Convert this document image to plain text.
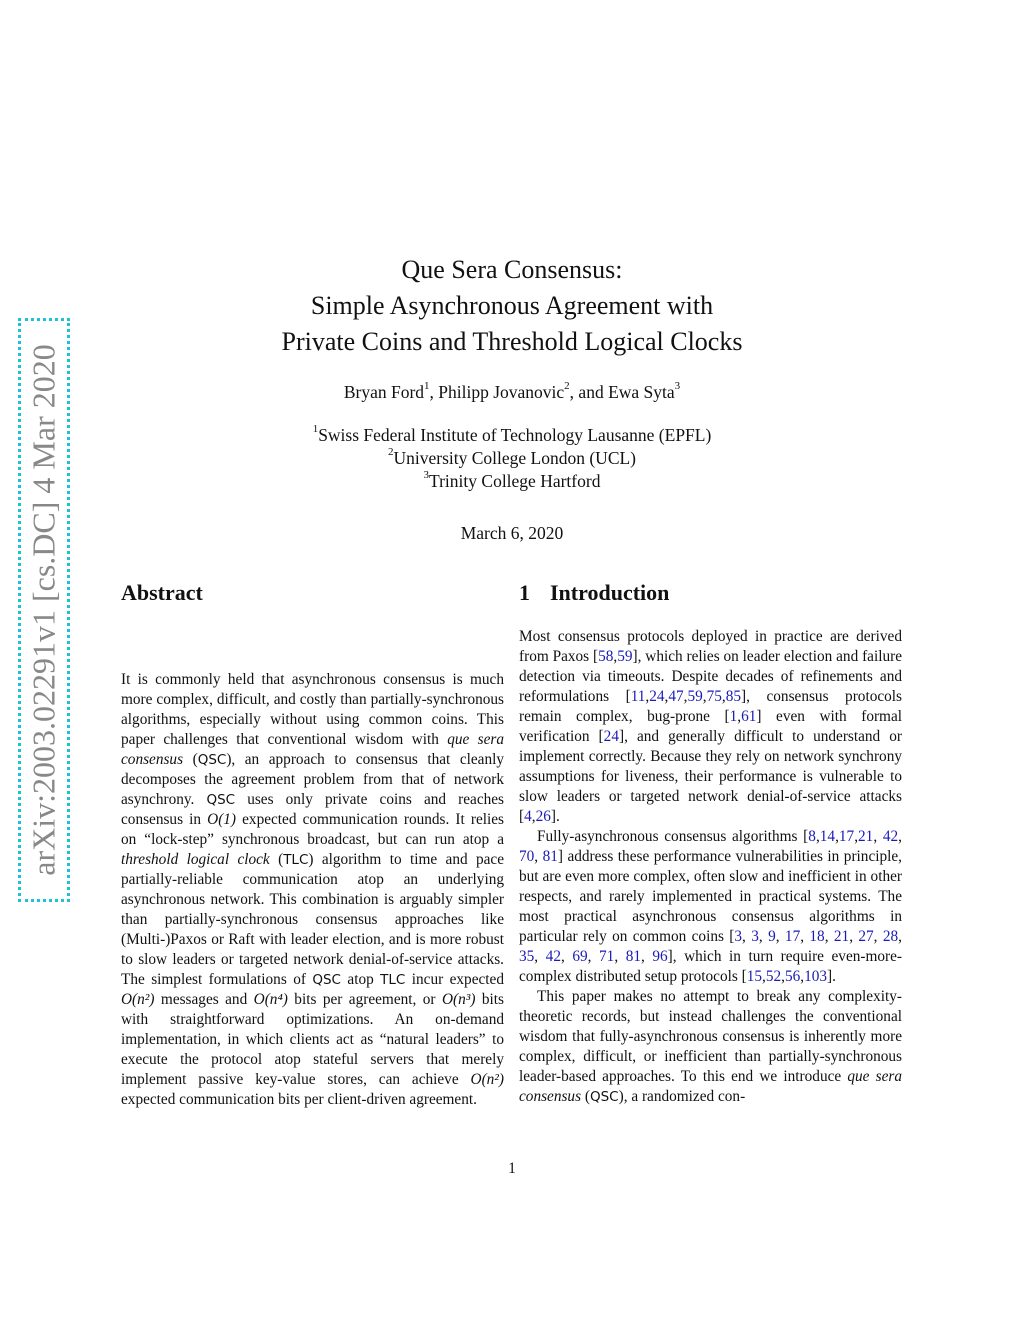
arXiv:2003.02291v1 [cs.DC] 4 Mar 2020
Que Sera Consensus:
Simple Asynchronous Agreement with
Private Coins and Threshold Logical Clocks
Bryan Ford$^1$, Philipp Jovanovic$^2$, and Ewa Syta$^3$
$^1$Swiss Federal Institute of Technology Lausanne (EPFL)
$^2$University College London (UCL)
$^3$Trinity College Hartford
March 6, 2020
Abstract

It is commonly held that asynchronous consensus is much more complex, difficult, and costly than partially-synchronous algorithms, especially without using common coins. This paper challenges that conventional wisdom with que sera consensus (QSC), an approach to consensus that cleanly decomposes the agreement problem from that of network asynchrony. QSC uses only private coins and reaches consensus in O(1) expected communication rounds. It relies on “lock-step” synchronous broadcast, but can run atop a threshold logical clock (TLC) algorithm to time and pace partially-reliable communication atop an underlying asynchronous network. This combination is arguably simpler than partially-synchronous consensus approaches like (Multi-)Paxos or Raft with leader election, and is more robust to slow leaders or targeted network denial-of-service attacks. The simplest formulations of QSC atop TLC incur expected O(n²) messages and O(n⁴) bits per agreement, or O(n³) bits with straightforward optimizations. An on-demand implementation, in which clients act as “natural leaders” to execute the protocol atop stateful servers that merely implement passive key-value stores, can achieve O(n²) expected communication bits per client-driven agreement.

1 Introduction

Most consensus protocols deployed in practice are derived from Paxos [58,59], which relies on leader election and failure detection via timeouts. Despite decades of refinements and reformulations [11,24,47,59,75,85], consensus protocols remain complex, bug-prone [1,61] even with formal verification [24], and generally difficult to understand or implement correctly. Because they rely on network synchrony assumptions for liveness, their performance is vulnerable to slow leaders or targeted network denial-of-service attacks [4,26].

Fully-asynchronous consensus algorithms [8,14,17,21, 42, 70, 81] address these performance vulnerabilities in principle, but are even more complex, often slow and inefficient in other respects, and rarely implemented in practical systems. The most practical asynchronous consensus algorithms in particular rely on common coins [3, 3, 9, 17, 18, 21, 27, 28, 35, 42, 69, 71, 81, 96], which in turn require even-more-complex distributed setup protocols [15,52,56,103].

This paper makes no attempt to break any complexity-theoretic records, but instead challenges the conventional wisdom that fully-asynchronous consensus is inherently more complex, difficult, or inefficient than partially-synchronous leader-based approaches. To this end we introduce que sera consensus (QSC), a randomized con-

1
